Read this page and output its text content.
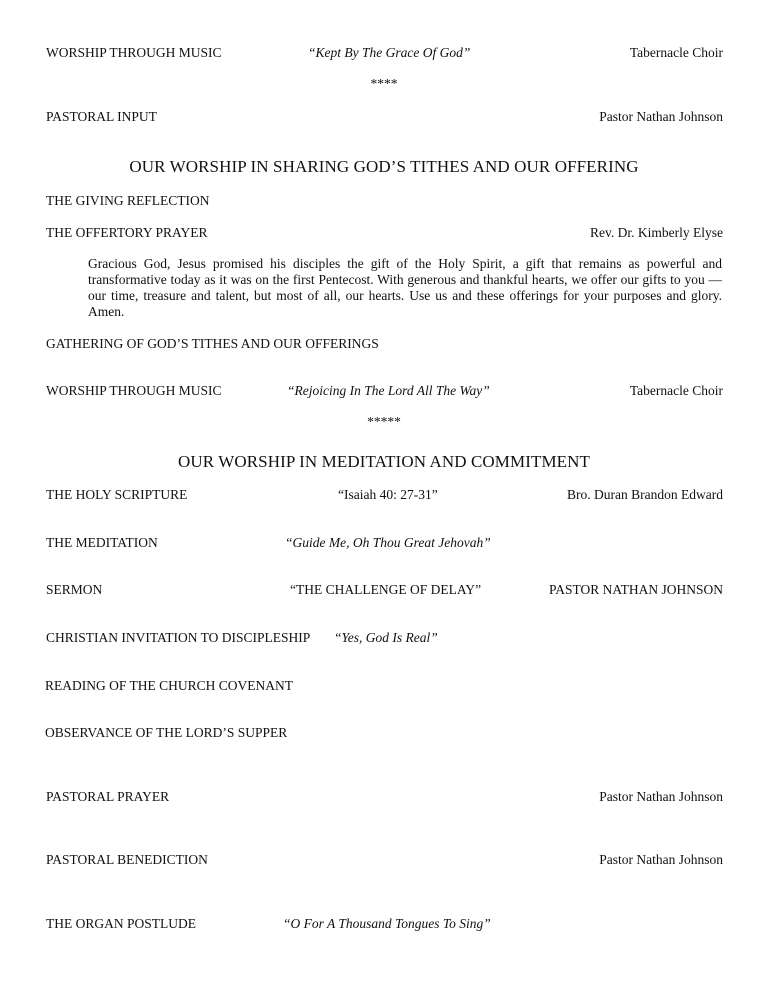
WORSHIP THROUGH MUSIC	“Kept By The Grace Of God”	Tabernacle Choir
****
PASTORAL INPUT	Pastor Nathan Johnson
OUR WORSHIP IN SHARING GOD’S TITHES AND OUR OFFERING
THE GIVING REFLECTION
THE OFFERTORY PRAYER	Rev. Dr. Kimberly Elyse
Gracious God, Jesus promised his disciples the gift of the Holy Spirit, a gift that remains as powerful and transformative today as it was on the first Pentecost. With generous and thankful hearts, we offer our gifts to you — our time, treasure and talent, but most of all, our hearts. Use us and these offerings for your purposes and glory. Amen.
GATHERING OF GOD’S TITHES AND OUR OFFERINGS
WORSHIP THROUGH MUSIC	“Rejoicing In The Lord All The Way”	Tabernacle Choir
*****
OUR WORSHIP IN MEDITATION AND COMMITMENT
THE HOLY SCRIPTURE	“Isaiah 40: 27-31”	Bro. Duran Brandon Edward
THE MEDITATION	“Guide Me, Oh Thou Great Jehovah”
SERMON	“THE CHALLENGE OF DELAY”	PASTOR NATHAN JOHNSON
CHRISTIAN INVITATION TO DISCIPLESHIP “Yes, God Is Real”
READING OF THE CHURCH COVENANT
OBSERVANCE OF THE LORD’S SUPPER
PASTORAL PRAYER	Pastor Nathan Johnson
PASTORAL BENEDICTION	Pastor Nathan Johnson
THE ORGAN POSTLUDE	“O For A Thousand Tongues To Sing”
